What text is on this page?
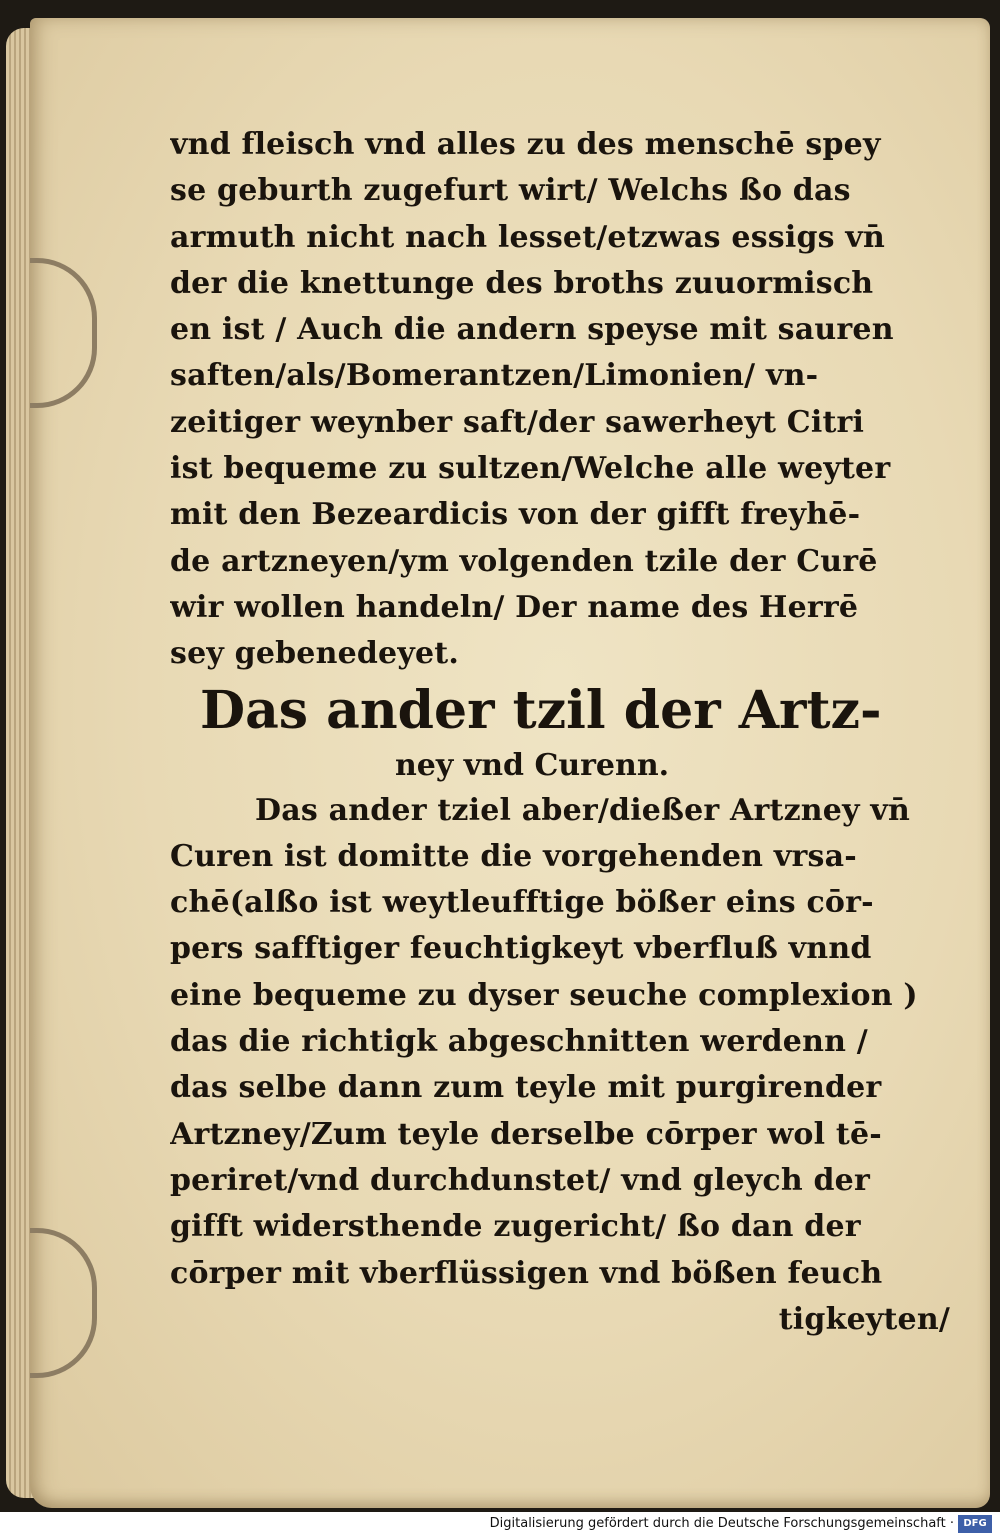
vnd fleisch vnd alles zu des menschē spey
se geburth zugefurt wirt/ Welchs ßo das
armuth nicht nach lesset/etzwas essigs vn̄
der die knettunge des broths zuuormisch
en ist / Auch die andern speyse mit sauren
saften/als/Bomerantzen/Limonien/ vn-
zeitiger weynber saft/der sawerheyt Citri
ist bequeme zu sultzen/Welche alle weyter
mit den Bezeardicis von der gifft freyhē-
de artzneyen/ym volgenden tzile der Curē
wir wollen handeln/ Der name des Herrē
sey gebenedeyet.
Das ander tzil der Artz-
ney vnd Curenn.
Das ander tziel aber/dießer Artzney vn̄
Curen ist domitte die vorgehenden vrsa-
chē(alßo ist weytleufftige bößer eins cōr-
pers safftiger feuchtigkeyt vberfluß vnnd
eine bequeme zu dyser seuche complexion )
das die richtigk abgeschnitten werdenn /
das selbe dann zum teyle mit purgirender
Artzney/Zum teyle derselbe cōrper wol tē-
periret/vnd durchdunstet/ vnd gleych der
gifft widersthende zugericht/ ßo dan der
cōrper mit vberflüssigen vnd bößen feuch
tigkeyten/
Digitalisierung gefördert durch die Deutsche Forschungsgemeinschaft · DFG
